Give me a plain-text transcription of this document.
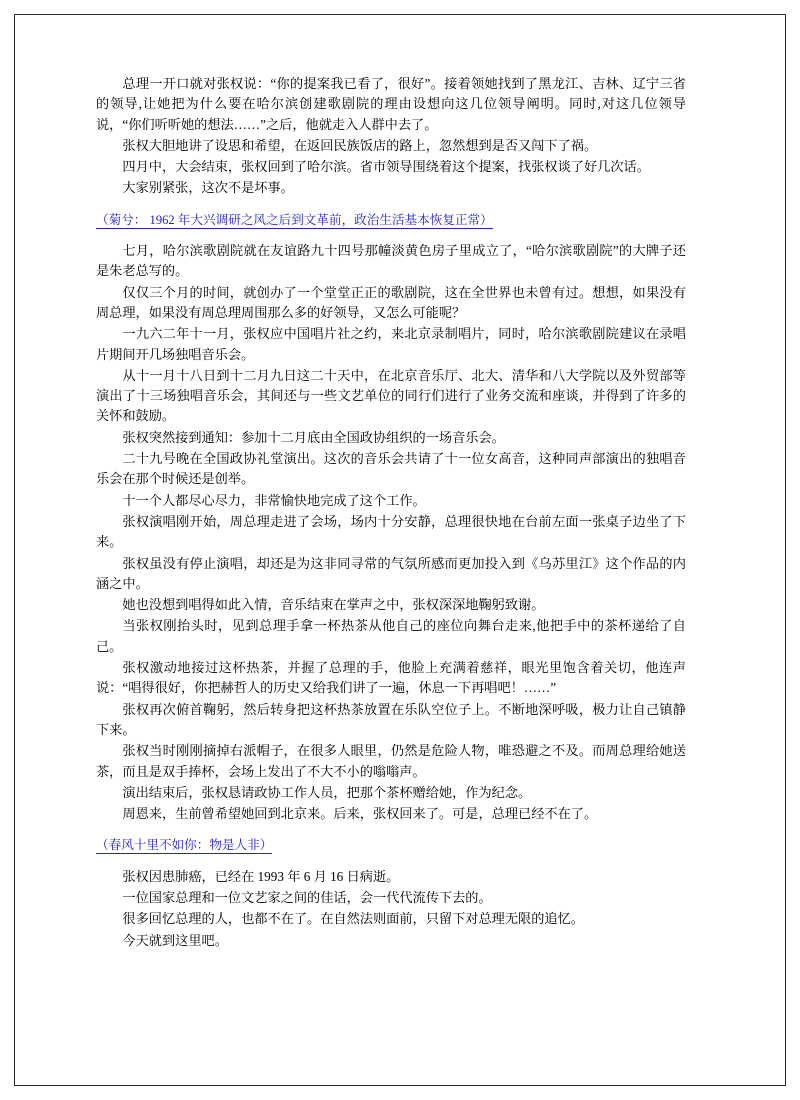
总理一开口就对张权说：“你的提案我已看了，很好”。接着领她找到了黑龙江、吉林、辽宁三省的领导,让她把为什么要在哈尔滨创建歌剧院的理由设想向这几位领导阐明。同时,对这几位领导说，“你们听听她的想法……”之后，他就走入人群中去了。

张权大胆地讲了设思和希望，在返回民族饭店的路上，忽然想到是否又闯下了祸。

四月中，大会结束，张权回到了哈尔滨。省市领导围绕着这个提案，找张权谈了好几次话。

大家别紧张，这次不是坏事。

（菊兮： 1962 年大兴调研之风之后到文革前，政治生活基本恢复正常）

七月，哈尔滨歌剧院就在友谊路九十四号那幢淡黄色房子里成立了，“哈尔滨歌剧院”的大牌子还是朱老总写的。

仅仅三个月的时间，就创办了一个堂堂正正的歌剧院，这在全世界也未曾有过。想想，如果没有周总理，如果没有周总理周围那么多的好领导，又怎么可能呢？

一九六二年十一月，张权应中国唱片社之约，来北京录制唱片，同时，哈尔滨歌剧院建议在录唱片期间开几场独唱音乐会。

从十一月十八日到十二月九日这二十天中，在北京音乐厅、北大、清华和八大学院以及外贸部等演出了十三场独唱音乐会，其间还与一些文艺单位的同行们进行了业务交流和座谈，并得到了许多的关怀和鼓励。

张权突然接到通知：参加十二月底由全国政协组织的一场音乐会。

二十九号晚在全国政协礼堂演出。这次的音乐会共请了十一位女高音，这种同声部演出的独唱音乐会在那个时候还是创举。

十一个人都尽心尽力，非常愉快地完成了这个工作。

张权演唱刚开始，周总理走进了会场，场内十分安静，总理很快地在台前左面一张桌子边坐了下来。

张权虽没有停止演唱，却还是为这非同寻常的气氛所感而更加投入到《乌苏里江》这个作品的内涵之中。

她也没想到唱得如此入情，音乐结束在掌声之中，张权深深地鞠躬致谢。

当张权刚抬头时，见到总理手拿一杯热茶从他自己的座位向舞台走来,他把手中的茶杯递给了自己。

张权激动地接过这杯热茶，并握了总理的手，他脸上充满着慈祥，眼光里饱含着关切，他连声说：“唱得很好，你把赫哲人的历史又给我们讲了一遍，休息一下再唱吧！……”

张权再次俯首鞠躬，然后转身把这杯热茶放置在乐队空位子上。不断地深呼吸，极力让自己镇静下来。

张权当时刚刚摘掉右派帽子，在很多人眼里，仍然是危险人物，唯恐避之不及。而周总理给她送茶，而且是双手捧杯，会场上发出了不大不小的嗡嗡声。

演出结束后，张权恳请政协工作人员，把那个茶杯赠给她，作为纪念。

周恩来，生前曾希望她回到北京来。后来，张权回来了。可是，总理已经不在了。

（春风十里不如你：物是人非）

张权因患肺癌，已经在 1993 年 6 月 16 日病逝。

一位国家总理和一位文艺家之间的佳话，会一代代流传下去的。

很多回忆总理的人，也都不在了。在自然法则面前，只留下对总理无限的追忆。

今天就到这里吧。
